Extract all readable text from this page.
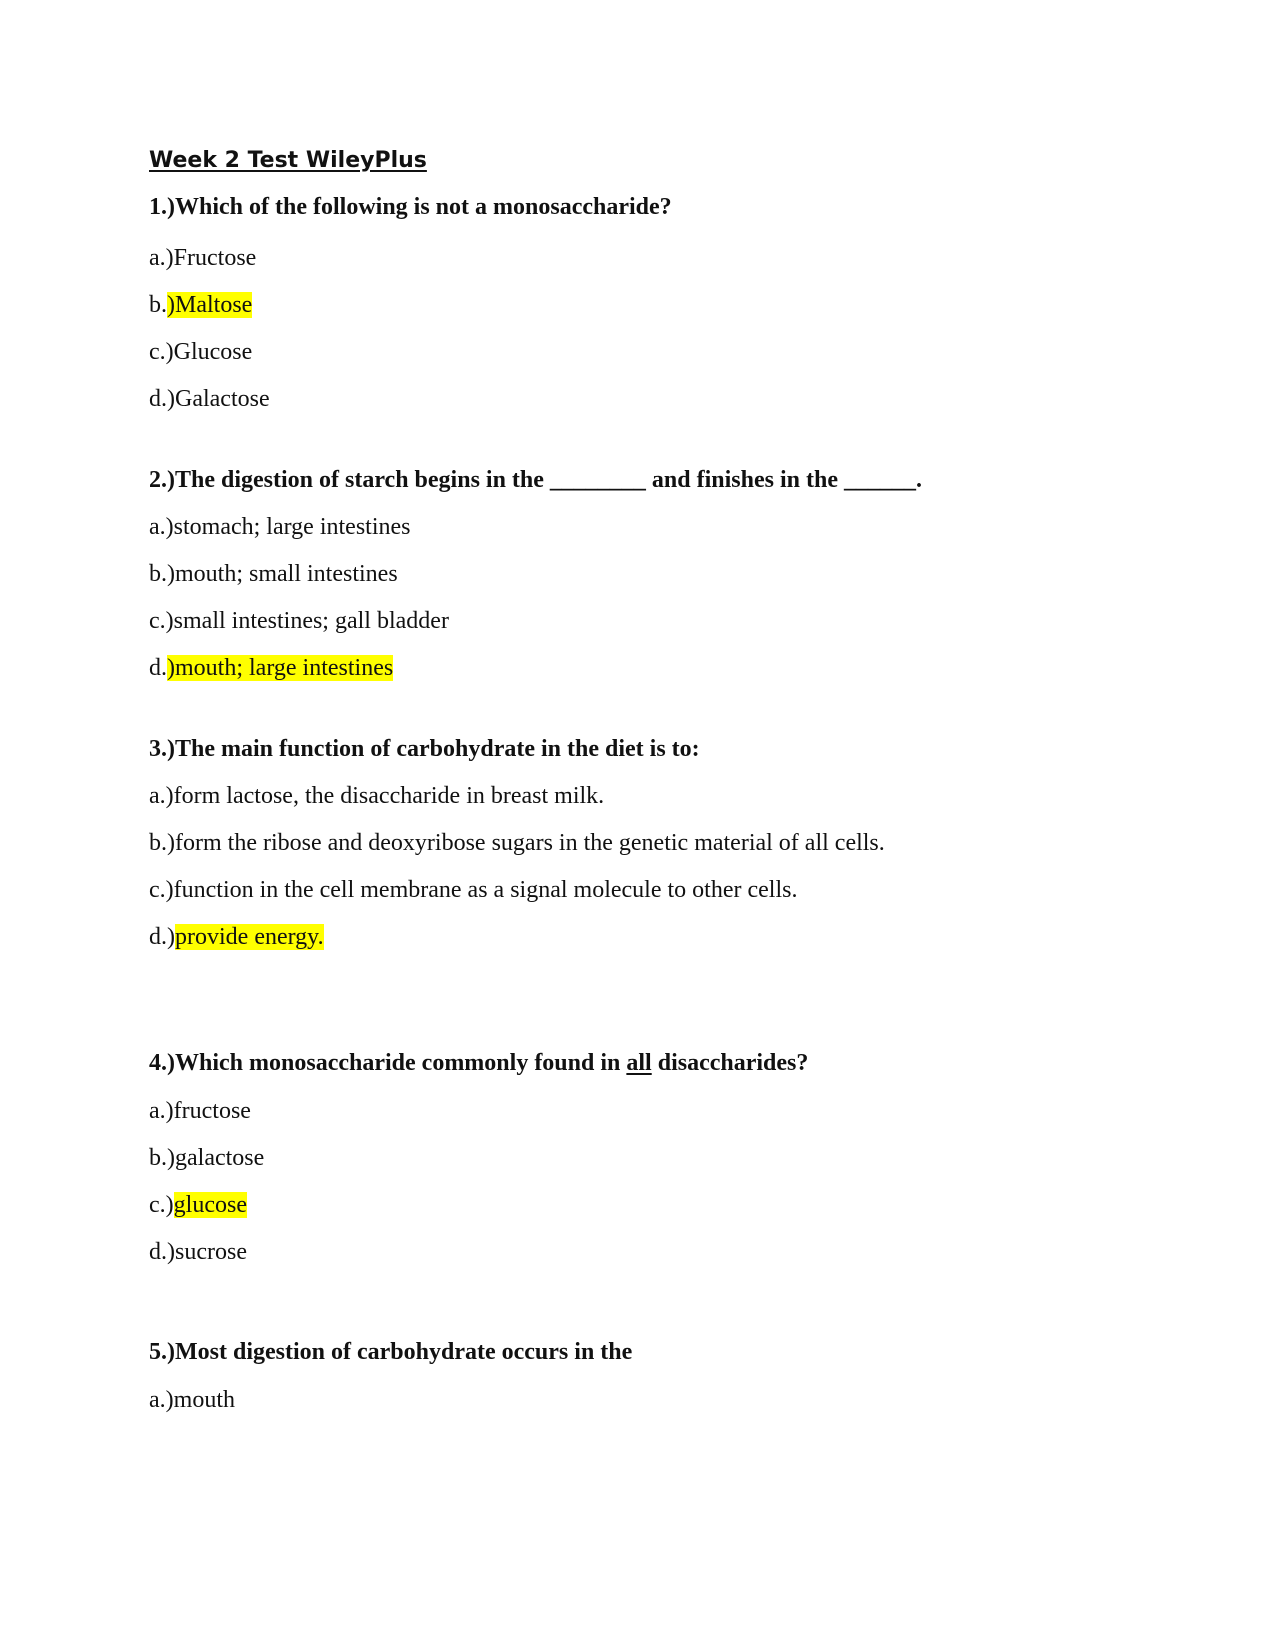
Week 2 Test WileyPlus
1.)Which of the following is not a monosaccharide?
a.)Fructose
b.)Maltose
c.)Glucose
d.)Galactose
2.)The digestion of starch begins in the ________ and finishes in the ______.
a.)stomach; large intestines
b.)mouth; small intestines
c.)small intestines; gall bladder
d.)mouth; large intestines
3.)The main function of carbohydrate in the diet is to:
a.)form lactose, the disaccharide in breast milk.
b.)form the ribose and deoxyribose sugars in the genetic material of all cells.
c.)function in the cell membrane as a signal molecule to other cells.
d.)provide energy.
4.)Which monosaccharide commonly found in all disaccharides?
a.)fructose
b.)galactose
c.)glucose
d.)sucrose
5.)Most digestion of carbohydrate occurs in the
a.)mouth
